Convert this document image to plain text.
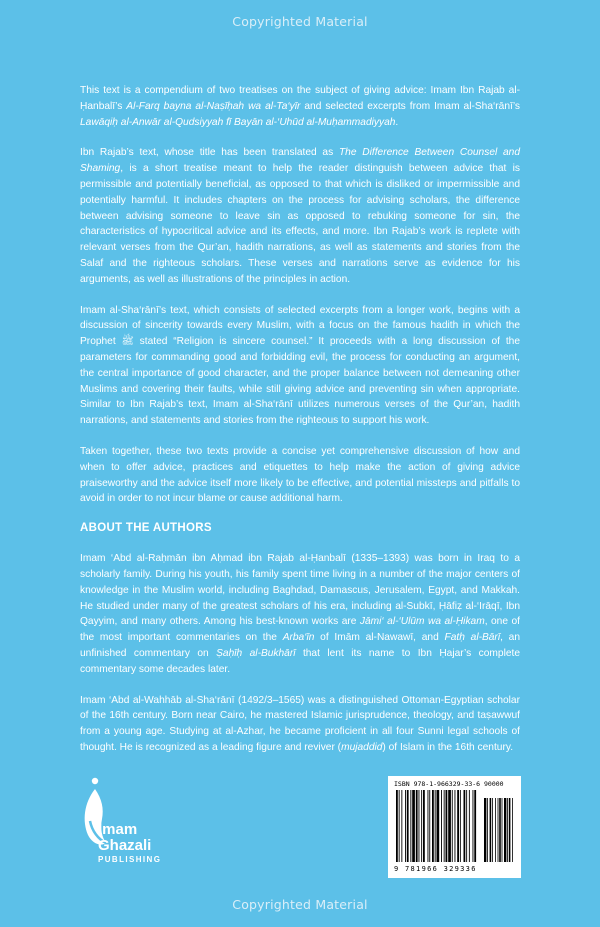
Copyrighted Material

This text is a compendium of two treatises on the subject of giving advice: Imam Ibn Rajab al-Ḥanbalī’s Al-Farq bayna al-Naṣīḥah wa al-Ta‘yīr and selected excerpts from Imam al-Sha‘rānī’s Lawāqiḥ al-Anwār al-Qudsiyyah fī Bayān al-‘Uhūd al-Muḥammadiyyah.

Ibn Rajab’s text, whose title has been translated as The Difference Between Counsel and Shaming, is a short treatise meant to help the reader distinguish between advice that is permissible and potentially beneficial, as opposed to that which is disliked or impermissible and potentially harmful. It includes chapters on the process for advising scholars, the difference between advising someone to leave sin as opposed to rebuking someone for sin, the characteristics of hypocritical advice and its effects, and more. Ibn Rajab’s work is replete with relevant verses from the Qur’an, hadith narrations, as well as statements and stories from the Salaf and the righteous scholars. These verses and narrations serve as evidence for his arguments, as well as illustrations of the principles in action.

Imam al-Sha‘rānī’s text, which consists of selected excerpts from a longer work, begins with a discussion of sincerity towards every Muslim, with a focus on the famous hadith in which the Prophet ﷺ stated “Religion is sincere counsel.” It proceeds with a long discussion of the parameters for commanding good and forbidding evil, the process for conducting an argument, the central importance of good character, and the proper balance between not demeaning other Muslims and covering their faults, while still giving advice and preventing sin when appropriate. Similar to Ibn Rajab’s text, Imam al-Sha‘rānī utilizes numerous verses of the Qur’an, hadith narrations, and statements and stories from the righteous to support his work.

Taken together, these two texts provide a concise yet comprehensive discussion of how and when to offer advice, practices and etiquettes to help make the action of giving advice praiseworthy and the advice itself more likely to be effective, and potential missteps and pitfalls to avoid in order to not incur blame or cause additional harm.

ABOUT THE AUTHORS

Imam ‘Abd al-Raḥmān ibn Aḥmad ibn Rajab al-Ḥanbalī (1335–1393) was born in Iraq to a scholarly family. During his youth, his family spent time living in a number of the major centers of knowledge in the Muslim world, including Baghdad, Damascus, Jerusalem, Egypt, and Makkah. He studied under many of the greatest scholars of his era, including al-Subkī, Ḥāfiẓ al-‘Irāqī, Ibn Qayyim, and many others. Among his best-known works are Jāmi‘ al-‘Ulūm wa al-Ḥikam, one of the most important commentaries on the Arba‘īn of Imām al-Nawawī, and Fatḥ al-Bārī, an unfinished commentary on Ṣaḥīḥ al-Bukhārī that lent its name to Ibn Ḥajar’s complete commentary some decades later.

Imam ‘Abd al-Wahhāb al-Sha‘rānī (1492/3–1565) was a distinguished Ottoman-Egyptian scholar of the 16th century. Born near Cairo, he mastered Islamic jurisprudence, theology, and taṣawwuf from a young age. Studying at al-Azhar, he became proficient in all four Sunni legal schools of thought. He is recognized as a leading figure and reviver (mujaddid) of Islam in the 16th century.

Imam
Ghazali
PUBLISHING
ISBN 978-1-966329-33-6
9 781966 329336
90000
Copyrighted Material
